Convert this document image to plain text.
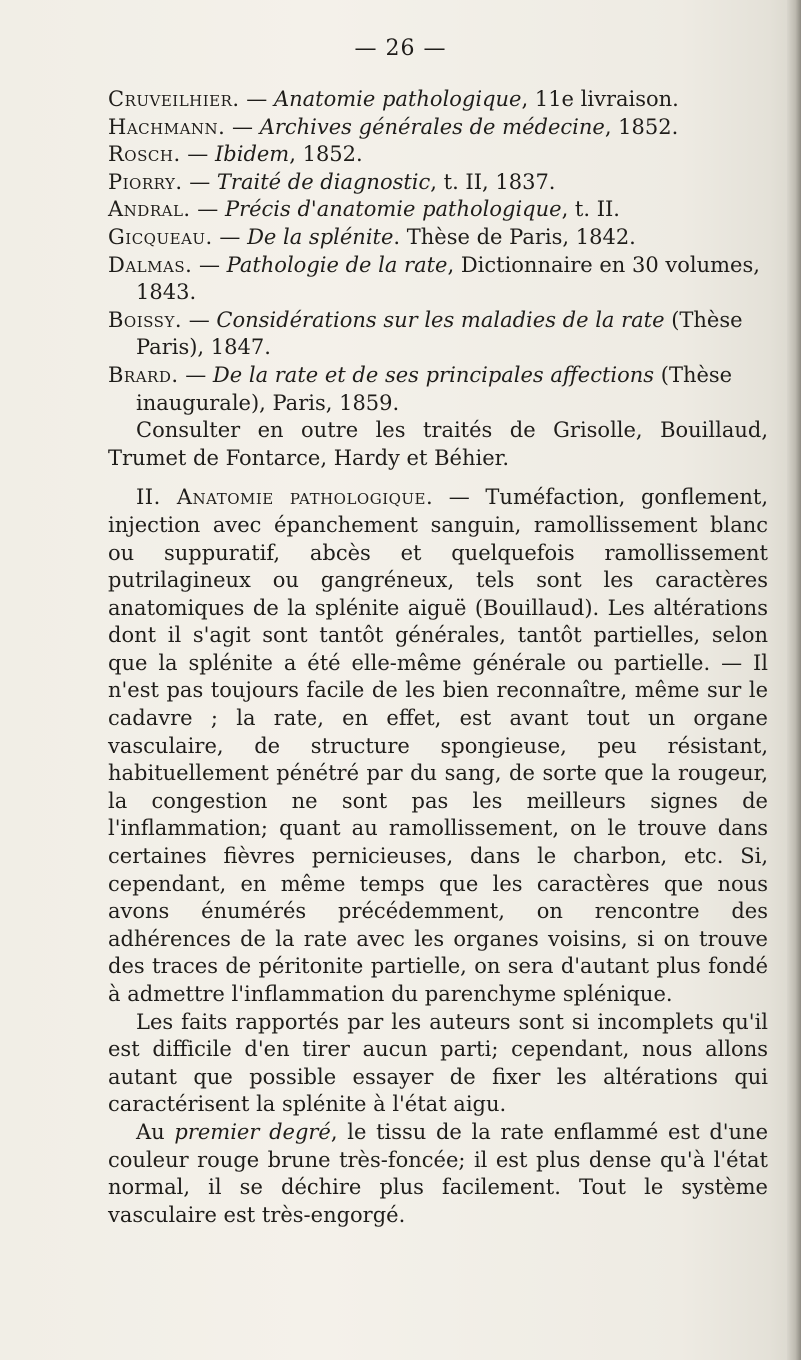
— 26 —

Cruveilhier. — Anatomie pathologique, 11e livraison.

Hachmann. — Archives générales de médecine, 1852.

Rosch. — Ibidem, 1852.

Piorry. — Traité de diagnostic, t. II, 1837.

Andral. — Précis d'anatomie pathologique, t. II.

Gicqueau. — De la splénite. Thèse de Paris, 1842.

Dalmas. — Pathologie de la rate, Dictionnaire en 30 volumes, 1843.

Boissy. — Considérations sur les maladies de la rate (Thèse Paris), 1847.

Brard. — De la rate et de ses principales affections (Thèse inaugurale), Paris, 1859.

Consulter en outre les traités de Grisolle, Bouillaud, Trumet de Fontarce, Hardy et Béhier.

II. Anatomie pathologique. — Tuméfaction, gonflement, injection avec épanchement sanguin, ramollissement blanc ou suppuratif, abcès et quelquefois ramollissement putrilagineux ou gangréneux, tels sont les caractères anatomiques de la splénite aiguë (Bouillaud). Les altérations dont il s'agit sont tantôt générales, tantôt partielles, selon que la splénite a été elle-même générale ou partielle. — Il n'est pas toujours facile de les bien reconnaître, même sur le cadavre ; la rate, en effet, est avant tout un organe vasculaire, de structure spongieuse, peu résistant, habituellement pénétré par du sang, de sorte que la rougeur, la congestion ne sont pas les meilleurs signes de l'inflammation; quant au ramollissement, on le trouve dans certaines fièvres pernicieuses, dans le charbon, etc. Si, cependant, en même temps que les caractères que nous avons énumérés précédemment, on rencontre des adhérences de la rate avec les organes voisins, si on trouve des traces de péritonite partielle, on sera d'autant plus fondé à admettre l'inflammation du parenchyme splénique.

Les faits rapportés par les auteurs sont si incomplets qu'il est difficile d'en tirer aucun parti; cependant, nous allons autant que possible essayer de fixer les altérations qui caractérisent la splénite à l'état aigu.

Au premier degré, le tissu de la rate enflammé est d'une couleur rouge brune très-foncée; il est plus dense qu'à l'état normal, il se déchire plus facilement. Tout le système vasculaire est très-engorgé.
